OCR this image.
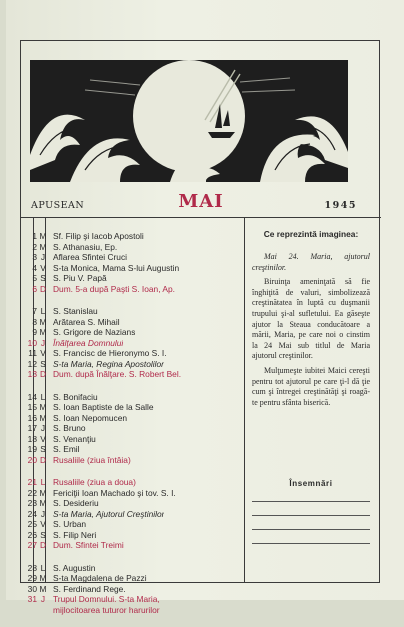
APUSEAN	MAI	1945
1 M Sf. Filip şi Iacob Apostoli
2 M S. Athanasiu, Ep.
3 J Aflarea Sfintei Cruci
4 V S-ta Monica, Mama S-lui Augustin
5 S S. Piu V. Papă
6 D Dum. 5-a după Paşti S. Ioan, Ap.
7 L S. Stanislau
8 M Arătarea S. Mihail
9 M S. Grigore de Nazians
10 J Înălţarea Domnului
11 V S. Francisc de Hieronymo S. I.
12 S S-ta Maria, Regina Apostolilor
13 D Dum. după Înălţare. S. Robert Bel.
14 L S. Bonifaciu
15 M S. Ioan Baptiste de la Salle
16 M S. Ioan Nepomucen
17 J S. Bruno
18 V S. Venanţiu
19 S S. Emil
20 D Rusaliile (ziua întâia)
21 L Rusaliile (ziua a doua)
22 M Fericiţii Ioan Machado şi tov. S. I.
23 M S. Desideriu
24 J S-ta Maria, Ajutorul Creştinilor
25 V S. Urban
26 S S. Filip Neri
27 D Dum. Sfintei Treimi
28 L S. Augustin
29 M S-ta Magdalena de Pazzi
30 M S. Ferdinand Rege.
31 J Trupul Domnului. S-ta Maria,
mijlocitoarea tuturor harurilor
Ce reprezintă imaginea:

Mai 24. Maria, ajutorul creştinilor.

Biruinţa ameninţată să fie înghiţită de valuri, simbolizează creştinătatea în luptă cu duşmanii trupului şi-al sufletului. Ea găseşte ajutor la Steaua conducătoare a mării, Maria, pe care noi o cinstim la 24 Mai sub titlul de Maria ajutorul creştinilor.

Mulţumeşte iubitei Maici cereşti pentru tot ajutorul pe care ţi-l dă ţie cum şi întregei creştinătăţi şi roagă-te pentru sfânta biserică.

Însemnări
